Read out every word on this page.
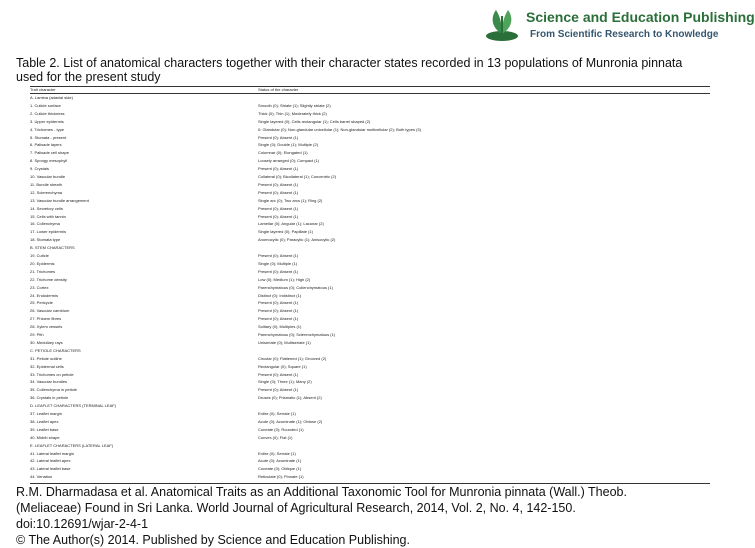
Science and Education Publishing
From Scientific Research to Knowledge
Table 2. List of anatomical characters together with their character states recorded in 13 populations of Munronia pinnata used for the present study
Trait character	Status of the character
A. Lamina (adaxial side)
1. Cuticle surface	Smooth (0); Striate (1); Slightly striate (2)
2. Cuticle thickness	Thick (0); Thin (1); Moderately thick (2)
3. Upper epidermis	Single layered (0); Cells rectangular (1); Cells barrel shaped (2)
4. Trichomes - type	0: Glandular (0); Non-glandular unicellular (1); Non-glandular multicellular (2); Both types (3)
5. Stomata - present	Present (0); Absent (1)
6. Palisade layers	Single (0); Double (1); Multiple (2)
7. Palisade cell shape	Columnar (0); Elongated (1)
8. Spongy mesophyll	Loosely arranged (0); Compact (1)
9. Crystals	Present (0); Absent (1)
10. Vascular bundle	Collateral (0); Bicollateral (1); Concentric (2)
11. Bundle sheath	Present (0); Absent (1)
12. Sclerenchyma	Present (0); Absent (1)
13. Vascular bundle arrangement	Single arc (0); Two arcs (1); Ring (2)
14. Secretory cells	Present (0); Absent (1)
15. Cells with tannin	Present (0); Absent (1)
16. Collenchyma	Lamellar (0); Angular (1); Lacunar (2)
17. Lower epidermis	Single layered (0); Papillate (1)
18. Stomata type	Anomocytic (0); Paracytic (1); Anisocytic (2)
B. STEM CHARACTERS
19. Cuticle	Present (0); Absent (1)
20. Epidermis	Single (0); Multiple (1)
21. Trichomes	Present (0); Absent (1)
22. Trichome density	Low (0); Medium (1); High (2)
23. Cortex	Parenchymatous (0); Collenchymatous (1)
24. Endodermis	Distinct (0); Indistinct (1)
25. Pericycle	Present (0); Absent (1)
26. Vascular cambium	Present (0); Absent (1)
27. Phloem fibres	Present (0); Absent (1)
28. Xylem vessels	Solitary (0); Multiples (1)
29. Pith	Parenchymatous (0); Sclerenchymatous (1)
30. Medullary rays	Uniseriate (0); Multiseriate (1)
C. PETIOLE CHARACTERS
31. Petiole outline	Circular (0); Flattened (1); Grooved (2)
32. Epidermal cells	Rectangular (0); Square (1)
33. Trichomes on petiole	Present (0); Absent (1)
34. Vascular bundles	Single (0); Three (1); Many (2)
35. Collenchyma in petiole	Present (0); Absent (1)
36. Crystals in petiole	Druses (0); Prismatic (1); Absent (2)
D. LEAFLET CHARACTERS (TERMINAL LEAF)
37. Leaflet margin	Entire (0); Serrate (1)
38. Leaflet apex	Acute (0); Acuminate (1); Obtuse (2)
39. Leaflet base	Cuneate (0); Rounded (1)
40. Midrib shape	Convex (0); Flat (1)
E. LEAFLET CHARACTERS (LATERAL LEAF)
41. Lateral leaflet margin	Entire (0); Serrate (1)
42. Lateral leaflet apex	Acute (0); Acuminate (1)
43. Lateral leaflet base	Cuneate (0); Oblique (1)
44. Venation	Reticulate (0); Pinnate (1)
R.M. Dharmadasa et al. Anatomical Traits as an Additional Taxonomic Tool for Munronia pinnata (Wall.) Theob.
(Meliaceae) Found in Sri Lanka. World Journal of Agricultural Research, 2014, Vol. 2, No. 4, 142-150.
doi:10.12691/wjar-2-4-1
© The Author(s) 2014. Published by Science and Education Publishing.
